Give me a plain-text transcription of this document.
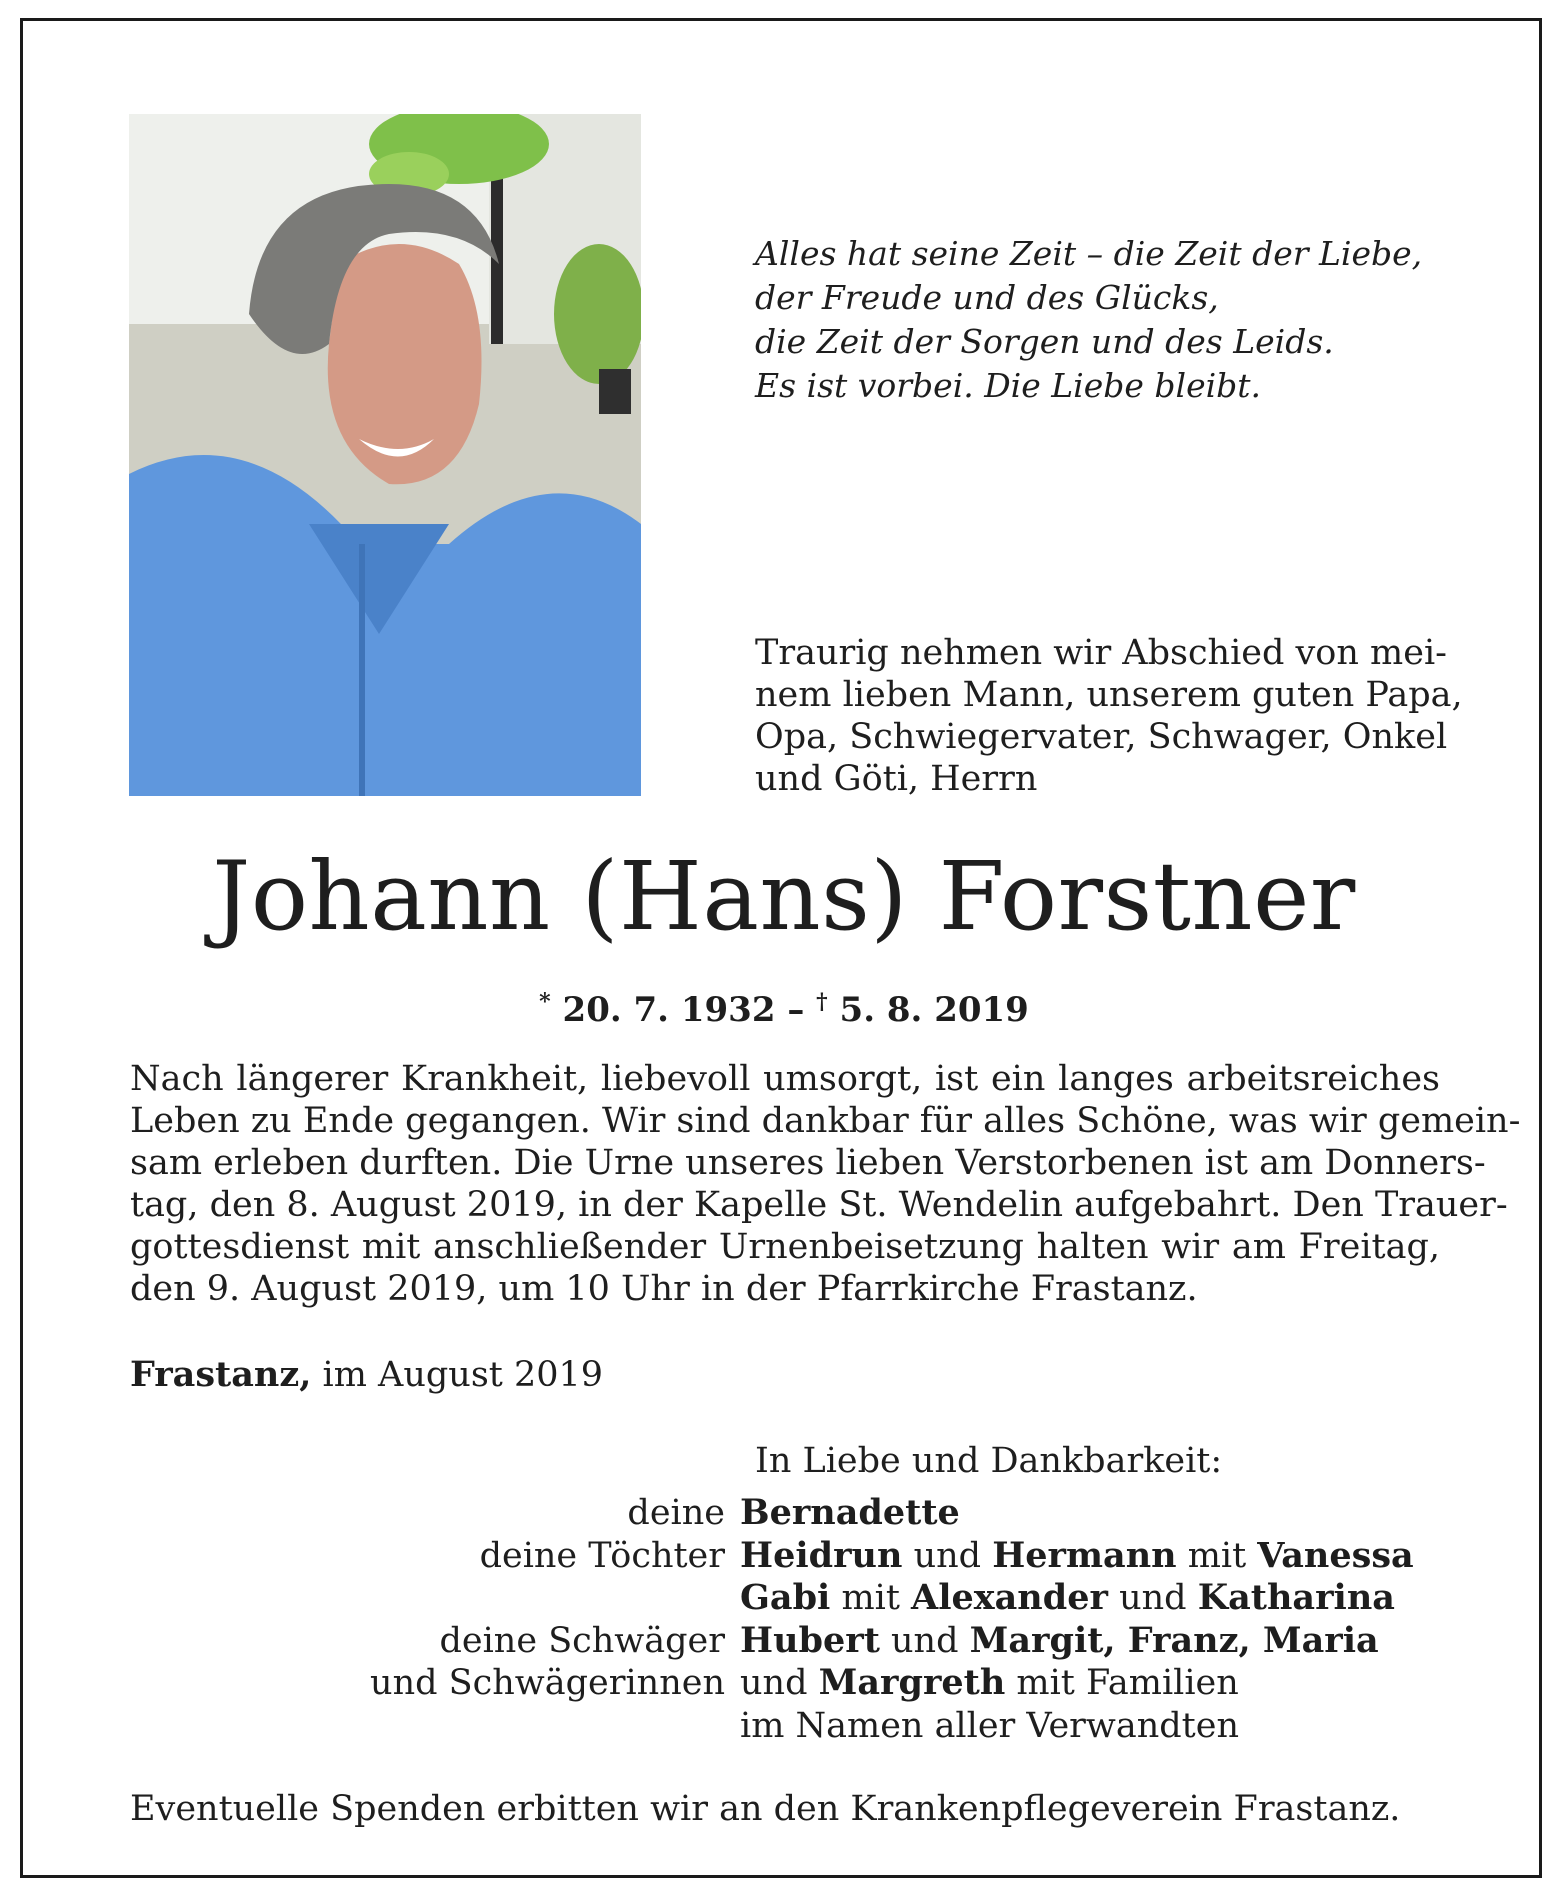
Alles hat seine Zeit – die Zeit der Liebe,
der Freude und des Glücks,
die Zeit der Sorgen und des Leids.
Es ist vorbei. Die Liebe bleibt.
Traurig nehmen wir Abschied von mei-
nem lieben Mann, unserem guten Papa,
Opa, Schwiegervater, Schwager, Onkel
und Göti, Herrn
Johann (Hans) Forstner
* 20. 7. 1932 – † 5. 8. 2019
Nach längerer Krankheit, liebevoll umsorgt, ist ein langes arbeitsreiches
Leben zu Ende gegangen. Wir sind dankbar für alles Schöne, was wir gemein-
sam erleben durften. Die Urne unseres lieben Verstorbenen ist am Donners-
tag, den 8. August 2019, in der Kapelle St. Wendelin aufgebahrt. Den Trauer-
gottesdienst mit anschließender Urnenbeisetzung halten wir am Freitag,
den 9. August 2019, um 10 Uhr in der Pfarrkirche Frastanz.
Frastanz, im August 2019
In Liebe und Dankbarkeit:
deine Bernadette
deine Töchter Heidrun und Hermann mit Vanessa
Gabi mit Alexander und Katharina
deine Schwäger Hubert und Margit, Franz, Maria
und Schwägerinnen und Margreth mit Familien
im Namen aller Verwandten
Eventuelle Spenden erbitten wir an den Krankenpflegeverein Frastanz.
